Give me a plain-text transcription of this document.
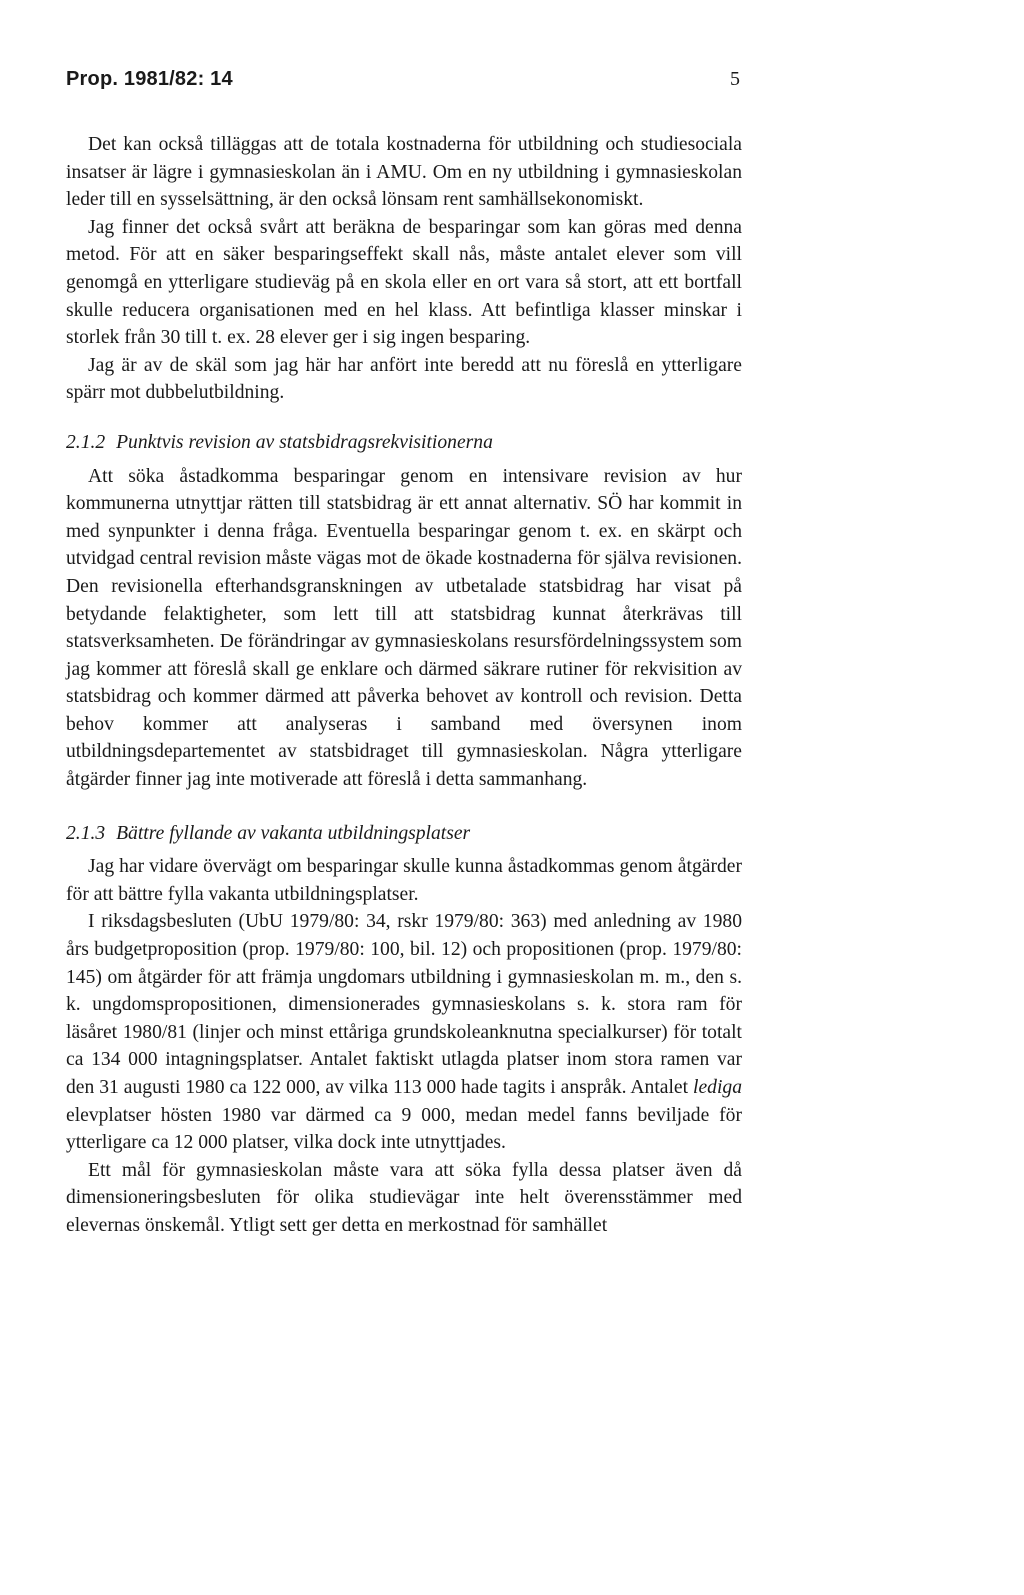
Prop. 1981/82: 14	5

Det kan också tilläggas att de totala kostnaderna för utbildning och studiesociala insatser är lägre i gymnasieskolan än i AMU. Om en ny utbildning i gymnasieskolan leder till en sysselsättning, är den också lönsam rent samhällsekonomiskt.

Jag finner det också svårt att beräkna de besparingar som kan göras med denna metod. För att en säker besparingseffekt skall nås, måste antalet elever som vill genomgå en ytterligare studieväg på en skola eller en ort vara så stort, att ett bortfall skulle reducera organisationen med en hel klass. Att befintliga klasser minskar i storlek från 30 till t. ex. 28 elever ger i sig ingen besparing.

Jag är av de skäl som jag här har anfört inte beredd att nu föreslå en ytterligare spärr mot dubbelutbildning.

2.1.2 Punktvis revision av statsbidragsrekvisitionerna

Att söka åstadkomma besparingar genom en intensivare revision av hur kommunerna utnyttjar rätten till statsbidrag är ett annat alternativ. SÖ har kommit in med synpunkter i denna fråga. Eventuella besparingar genom t. ex. en skärpt och utvidgad central revision måste vägas mot de ökade kostnaderna för själva revisionen. Den revisionella efterhandsgranskningen av utbetalade statsbidrag har visat på betydande felaktigheter, som lett till att statsbidrag kunnat återkrävas till statsverksamheten. De förändringar av gymnasieskolans resursfördelningssystem som jag kommer att föreslå skall ge enklare och därmed säkrare rutiner för rekvisition av statsbidrag och kommer därmed att påverka behovet av kontroll och revision. Detta behov kommer att analyseras i samband med översynen inom utbildningsdepartementet av statsbidraget till gymnasieskolan. Några ytterligare åtgärder finner jag inte motiverade att föreslå i detta sammanhang.

2.1.3 Bättre fyllande av vakanta utbildningsplatser

Jag har vidare övervägt om besparingar skulle kunna åstadkommas genom åtgärder för att bättre fylla vakanta utbildningsplatser.

I riksdagsbesluten (UbU 1979/80: 34, rskr 1979/80: 363) med anledning av 1980 års budgetproposition (prop. 1979/80: 100, bil. 12) och propositionen (prop. 1979/80: 145) om åtgärder för att främja ungdomars utbildning i gymnasieskolan m. m., den s. k. ungdomspropositionen, dimensionerades gymnasieskolans s. k. stora ram för läsåret 1980/81 (linjer och minst ettåriga grundskoleanknutna specialkurser) för totalt ca 134 000 intagningsplatser. Antalet faktiskt utlagda platser inom stora ramen var den 31 augusti 1980 ca 122 000, av vilka 113 000 hade tagits i anspråk. Antalet lediga elevplatser hösten 1980 var därmed ca 9 000, medan medel fanns beviljade för ytterligare ca 12 000 platser, vilka dock inte utnyttjades.

Ett mål för gymnasieskolan måste vara att söka fylla dessa platser även då dimensioneringsbesluten för olika studievägar inte helt överensstämmer med elevernas önskemål. Ytligt sett ger detta en merkostnad för samhället
